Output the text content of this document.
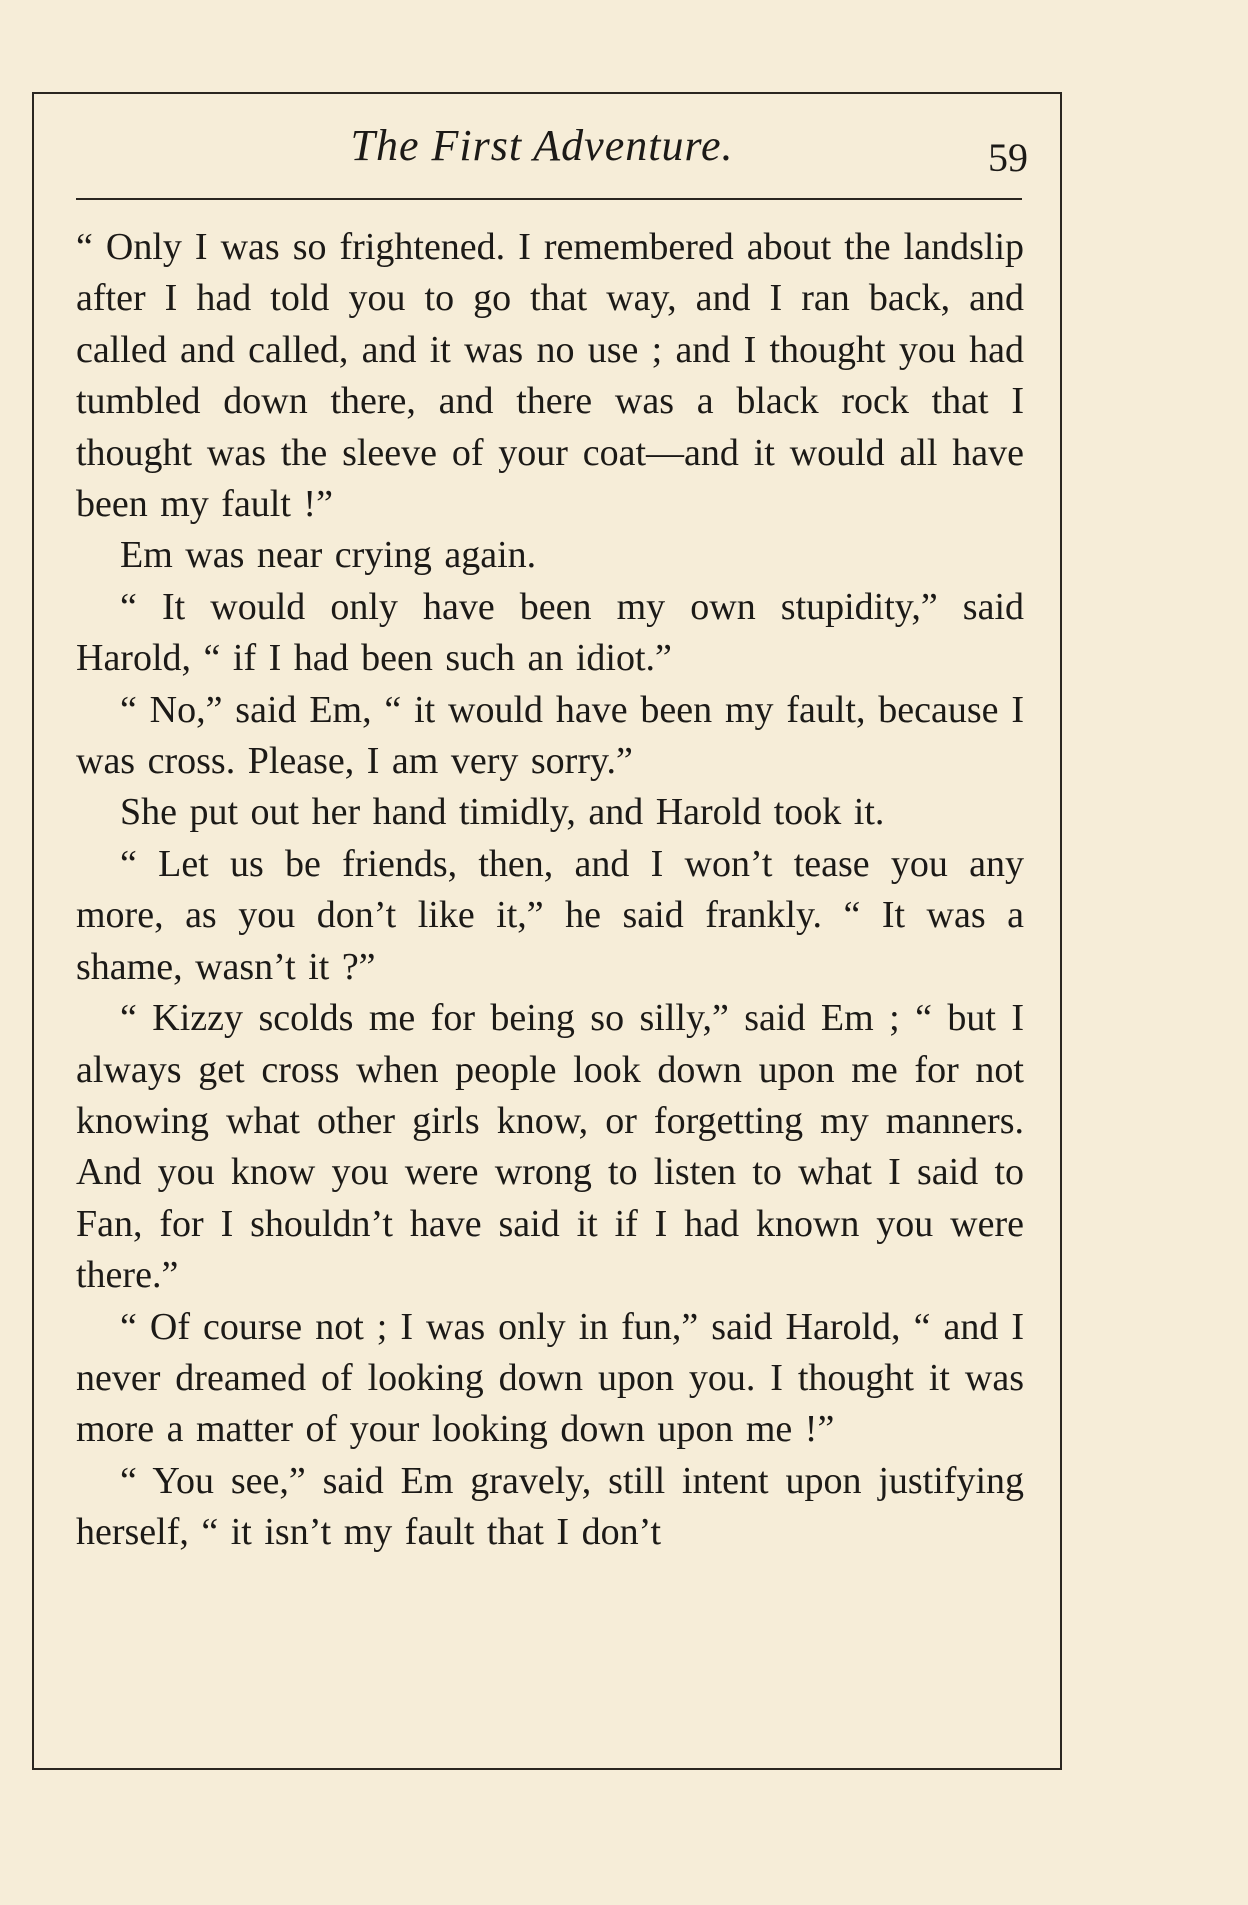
The First Adventure.	59

“ Only I was so frightened. I remembered about the landslip after I had told you to go that way, and I ran back, and called and called, and it was no use ; and I thought you had tumbled down there, and there was a black rock that I thought was the sleeve of your coat—and it would all have been my fault !”

Em was near crying again.

“ It would only have been my own stupidity,” said Harold, “ if I had been such an idiot.”

“ No,” said Em, “ it would have been my fault, because I was cross. Please, I am very sorry.”

She put out her hand timidly, and Harold took it.

“ Let us be friends, then, and I won’t tease you any more, as you don’t like it,” he said frankly. “ It was a shame, wasn’t it ?”

“ Kizzy scolds me for being so silly,” said Em ; “ but I always get cross when people look down upon me for not knowing what other girls know, or forgetting my manners. And you know you were wrong to listen to what I said to Fan, for I shouldn’t have said it if I had known you were there.”

“ Of course not ; I was only in fun,” said Harold, “ and I never dreamed of looking down upon you. I thought it was more a matter of your looking down upon me !”

“ You see,” said Em gravely, still intent upon justifying herself, “ it isn’t my fault that I don’t
